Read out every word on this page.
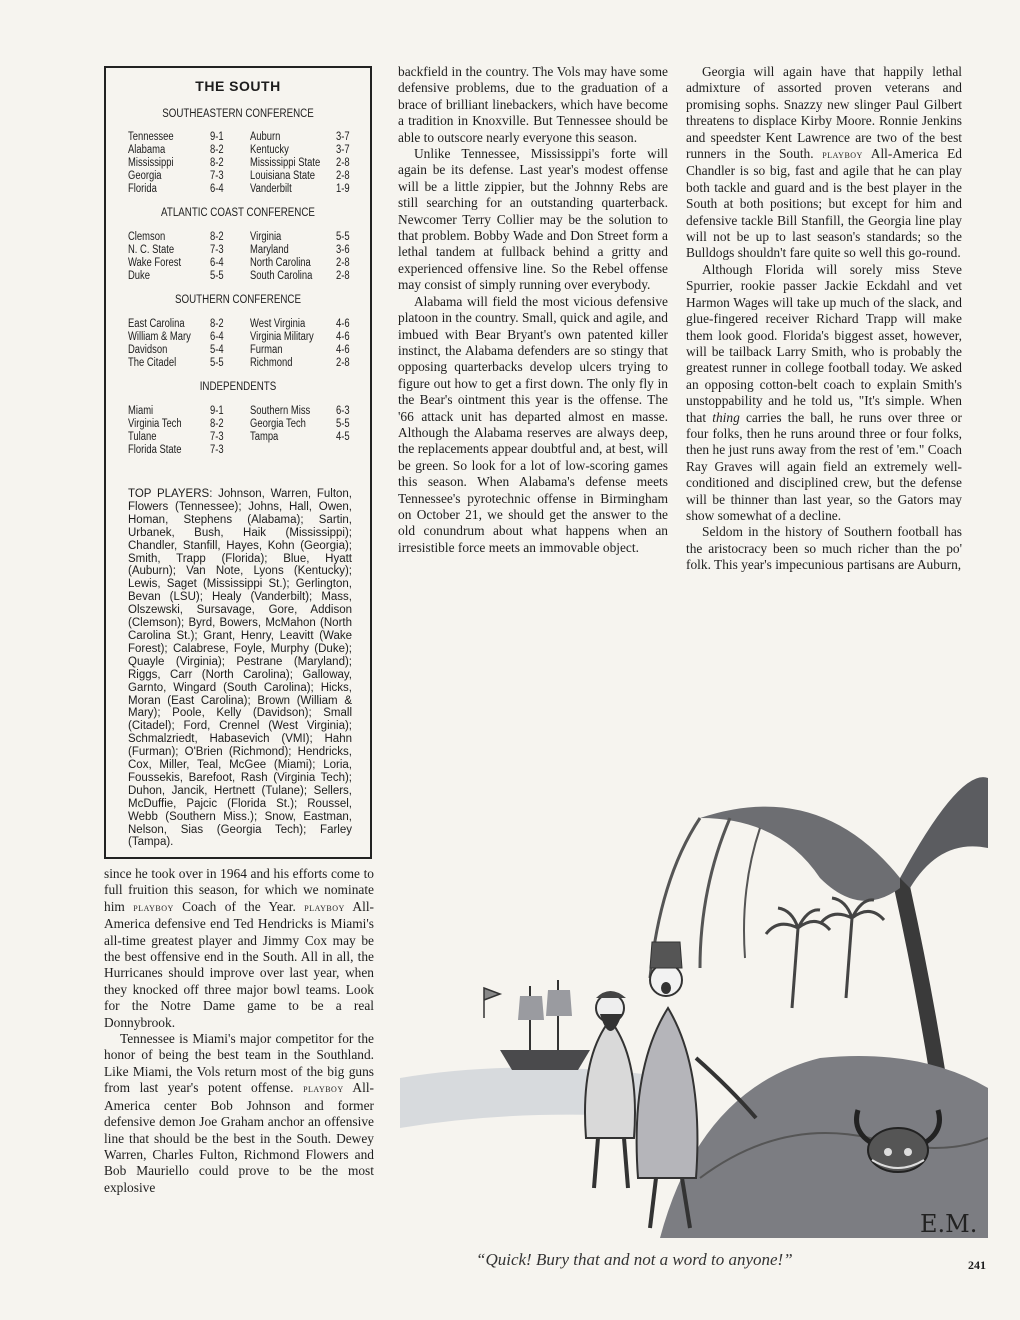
THE SOUTH
SOUTHEASTERN CONFERENCE
Tennessee	9-1 Auburn	3-7
Alabama	8-2 Kentucky	3-7
Mississippi	8-2 Mississippi State 2-8
Georgia	7-3 Louisiana State 2-8
Florida	6-4 Vanderbilt	1-9
ATLANTIC COAST CONFERENCE
Clemson	8-2 Virginia	5-5
N. C. State	7-3 Maryland	3-6
Wake Forest	6-4 North Carolina 2-8
Duke	5-5 South Carolina 2-8
SOUTHERN CONFERENCE
East Carolina 8-2 West Virginia	4-6
William & Mary 6-4 Virginia Military 4-6
Davidson	5-4 Furman	4-6
The Citadel	5-5 Richmond	2-8
INDEPENDENTS
Miami	9-1 Southern Miss 6-3
Virginia Tech 8-2 Georgia Tech	5-5
Tulane	7-3 Tampa	4-5
Florida State 7-3
TOP PLAYERS: Johnson, Warren, Fulton, Flowers (Tennessee); Johns, Hall, Owen, Homan, Stephens (Alabama); Sartin, Urbanek, Bush, Haik (Mississippi); Chandler, Stanfill, Hayes, Kohn (Georgia); Smith, Trapp (Florida); Blue, Hyatt (Auburn); Van Note, Lyons (Kentucky); Lewis, Saget (Mississippi St.); Gerlington, Bevan (LSU); Healy (Vanderbilt); Mass, Olszewski, Sursavage, Gore, Addison (Clemson); Byrd, Bowers, McMahon (North Carolina St.); Grant, Henry, Leavitt (Wake Forest); Calabrese, Foyle, Murphy (Duke); Quayle (Virginia); Pestrane (Maryland); Riggs, Carr (North Carolina); Galloway, Garnto, Wingard (South Carolina); Hicks, Moran (East Carolina); Brown (William & Mary); Poole, Kelly (Davidson); Small (Citadel); Ford, Crennel (West Virginia); Schmalzriedt, Habasevich (VMI); Hahn (Furman); O'Brien (Richmond); Hendricks, Cox, Miller, Teal, McGee (Miami); Loria, Foussekis, Barefoot, Rash (Virginia Tech); Duhon, Jancik, Hertnett (Tulane); Sellers, McDuffie, Pajcic (Florida St.); Roussel, Webb (Southern Miss.); Snow, Eastman, Nelson, Sias (Georgia Tech); Farley (Tampa).

since he took over in 1964 and his efforts come to full fruition this season, for which we nominate him playboy Coach of the Year. playboy All-America defensive end Ted Hendricks is Miami's all-time greatest player and Jimmy Cox may be the best offensive end in the South. All in all, the Hurricanes should improve over last year, when they knocked off three major bowl teams. Look for the Notre Dame game to be a real Donnybrook.

Tennessee is Miami's major competitor for the honor of being the best team in the Southland. Like Miami, the Vols return most of the big guns from last year's potent offense. playboy All-America center Bob Johnson and former defensive demon Joe Graham anchor an offensive line that should be the best in the South. Dewey Warren, Charles Fulton, Richmond Flowers and Bob Mauriello could prove to be the most explosive

backfield in the country. The Vols may have some defensive problems, due to the graduation of a brace of brilliant linebackers, which have become a tradition in Knoxville. But Tennessee should be able to outscore nearly everyone this season.

Unlike Tennessee, Mississippi's forte will again be its defense. Last year's modest offense will be a little zippier, but the Johnny Rebs are still searching for an outstanding quarterback. Newcomer Terry Collier may be the solution to that problem. Bobby Wade and Don Street form a lethal tandem at fullback behind a gritty and experienced offensive line. So the Rebel offense may consist of simply running over everybody.

Alabama will field the most vicious defensive platoon in the country. Small, quick and agile, and imbued with Bear Bryant's own patented killer instinct, the Alabama defenders are so stingy that opposing quarterbacks develop ulcers trying to figure out how to get a first down. The only fly in the Bear's ointment this year is the offense. The '66 attack unit has departed almost en masse. Although the Alabama reserves are always deep, the replacements appear doubtful and, at best, will be green. So look for a lot of low-scoring games this season. When Alabama's defense meets Tennessee's pyrotechnic offense in Birmingham on October 21, we should get the answer to the old conundrum about what happens when an irresistible force meets an immovable object.

Georgia will again have that happily lethal admixture of assorted proven veterans and promising sophs. Snazzy new slinger Paul Gilbert threatens to displace Kirby Moore. Ronnie Jenkins and speedster Kent Lawrence are two of the best runners in the South. playboy All-America Ed Chandler is so big, fast and agile that he can play both tackle and guard and is the best player in the South at both positions; but except for him and defensive tackle Bill Stanfill, the Georgia line play will not be up to last season's standards; so the Bulldogs shouldn't fare quite so well this go-round.

Although Florida will sorely miss Steve Spurrier, rookie passer Jackie Eckdahl and vet Harmon Wages will take up much of the slack, and glue-fingered receiver Richard Trapp will make them look good. Florida's biggest asset, however, will be tailback Larry Smith, who is probably the greatest runner in college football today. We asked an opposing cotton-belt coach to explain Smith's unstoppability and he told us, "It's simple. When that thing carries the ball, he runs over three or four folks, then he runs around three or four folks, then he just runs away from the rest of 'em." Coach Ray Graves will again field an extremely well-conditioned and disciplined crew, but the defense will be thinner than last year, so the Gators may show somewhat of a decline.

Seldom in the history of Southern football has the aristocracy been so much richer than the po' folk. This year's impecunious partisans are Auburn,

E.M.
“Quick! Bury that and not a word to anyone!”	241
